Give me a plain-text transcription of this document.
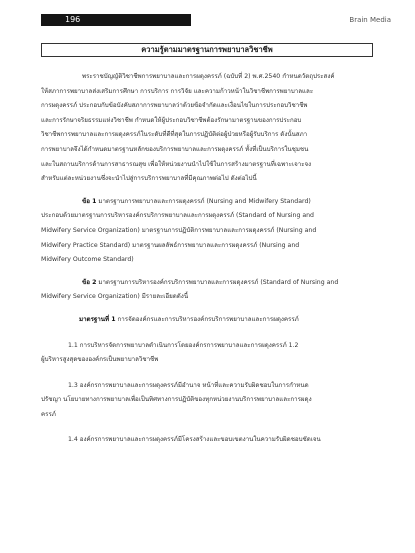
196	Brain Media
ความรู้ตามมาตรฐานการพยาบาลวิชาชีพ

พระราชบัญญัติวิชาชีพการพยาบาลและการผดุงครรภ์ (ฉบับที่ 2) พ.ศ.2540 กำหนดวัตถุประสงค์

ให้สภาการพยาบาลส่งเสริมการศึกษา การบริการ การวิจัย และความก้าวหน้าในวิชาชีพการพยาบาลและ

การผดุงครรภ์ ประกอบกับข้อบังคับสภาการพยาบาลว่าด้วยข้อจำกัดและเงื่อนไขในการประกอบวิชาชีพ

และการรักษาจริยธรรมแห่งวิชาชีพ กำหนดให้ผู้ประกอบวิชาชีพต้องรักษามาตรฐานของการประกอบ

วิชาชีพการพยาบาลและการผดุงครรภ์ในระดับที่ดีที่สุดในการปฏิบัติต่อผู้ป่วยหรือผู้รับบริการ ดังนั้นสภา

การพยาบาลจึงได้กำหนดมาตรฐานหลักของบริการพยาบาลและการผดุงครรภ์ ทั้งที่เป็นบริการในชุมชน

และในสถานบริการด้านการสาธารณสุข เพื่อให้หน่วยงานนำไปใช้ในการสร้างมาตรฐานที่เฉพาะเจาะจง

สำหรับแต่ละหน่วยงานซึ่งจะนำไปสู่การบริการพยาบาลที่มีคุณภาพต่อไป ดังต่อไปนี้

ข้อ 1 มาตรฐานการพยาบาลและการผดุงครรภ์ (Nursing and Midwifery Standard)

ประกอบด้วยมาตรฐานการบริหารองค์กรบริการพยาบาลและการผดุงครรภ์ (Standard of Nursing and

Midwifery Service Organization) มาตรฐานการปฏิบัติการพยาบาลและการผดุงครรภ์ (Nursing and

Midwifery Practice Standard) มาตรฐานผลลัพธ์การพยาบาลและการผดุงครรภ์ (Nursing and

Midwifery Outcome Standard)

ข้อ 2 มาตรฐานการบริหารองค์กรบริการพยาบาลและการผดุงครรภ์ (Standard of Nursing and

Midwifery Service Organization) มีรายละเอียดดังนี้

มาตรฐานที่ 1 การจัดองค์กรและการบริหารองค์กรบริการพยาบาลและการผดุงครรภ์

1.1 การบริหารจัดการพยาบาลดำเนินการโดยองค์กรการพยาบาลและการผดุงครรภ์ 1.2

ผู้บริหารสูงสุดขององค์กรเป็นพยาบาลวิชาชีพ

1.3 องค์กรการพยาบาลและการผดุงครรภ์มีอำนาจ หน้าที่และความรับผิดชอบในการกำหนด

ปรัชญา นโยบายทางการพยาบาลเพื่อเป็นทิศทางการปฏิบัติของทุกหน่วยงานบริการพยาบาลและการผดุง

ครรภ์

1.4 องค์กรการพยาบาลและการผดุงครรภ์มีโครงสร้างและขอบเขตงานในความรับผิดชอบชัดเจน
